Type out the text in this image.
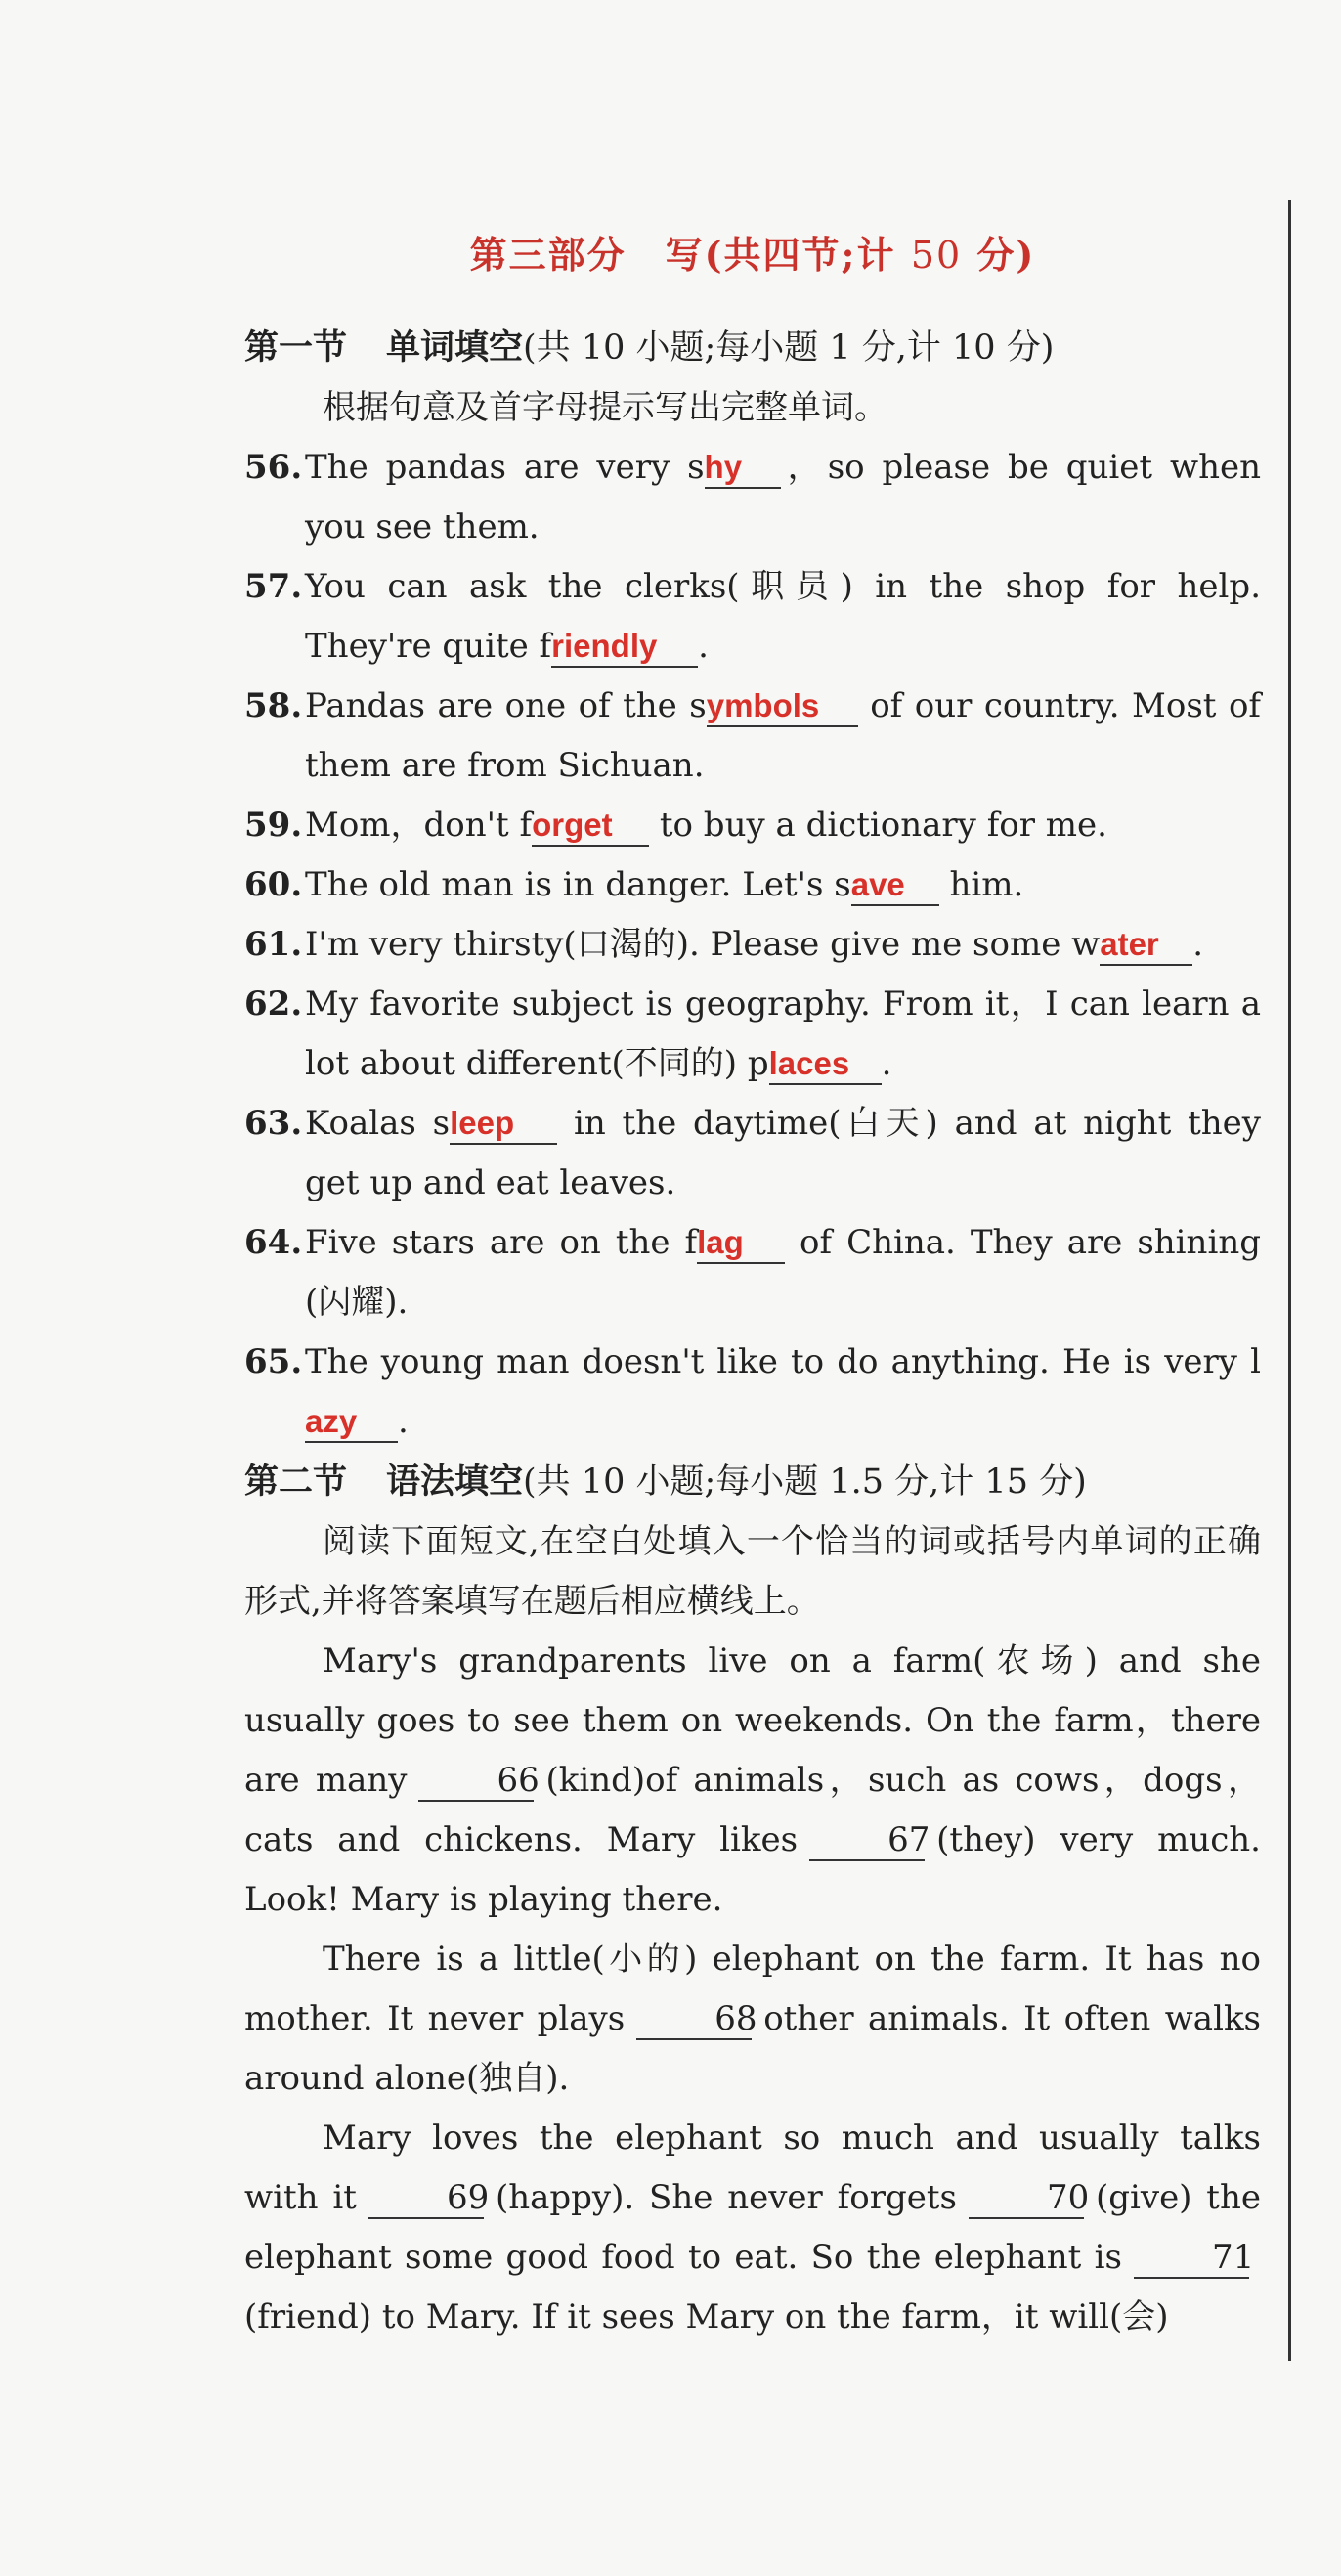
第三部分　写(共四节;计 50 分)

第一节 单词填空(共 10 小题;每小题 1 分,计 10 分)

根据句意及首字母提示写出完整单词。

56. The pandas are very shy ，so please be quiet when you see them.

57. You can ask the clerks(职员) in the shop for help. They're quite friendly .

58. Pandas are one of the symbols of our country. Most of them are from Sichuan.

59. Mom，don't forget to buy a dictionary for me.

60. The old man is in danger. Let's save him.

61. I'm very thirsty(口渴的). Please give me some water .

62. My favorite subject is geography. From it，I can learn a lot about different(不同的) places .

63. Koalas sleep in the daytime(白天) and at night they get up and eat leaves.

64. Five stars are on the flag of China. They are shining (闪耀).

65. The young man doesn't like to do anything. He is very lazy .

第二节 语法填空(共 10 小题;每小题 1.5 分,计 15 分)

阅读下面短文,在空白处填入一个恰当的词或括号内单词的正确形式,并将答案填写在题后相应横线上。

Mary's grandparents live on a farm(农场) and she usually goes to see them on weekends. On the farm，there are many	66 (kind)of animals，such as cows，dogs，cats and chickens. Mary likes	67 (they) very much. Look! Mary is playing there.

There is a little(小的) elephant on the farm. It has no mother. It never plays	68 other animals. It often walks around alone(独自).

Mary loves the elephant so much and usually talks with it	69 (happy). She never forgets	70 (give) the elephant some good food to eat. So the elephant is	71(friend) to Mary. If it sees Mary on the farm，it will(会)
